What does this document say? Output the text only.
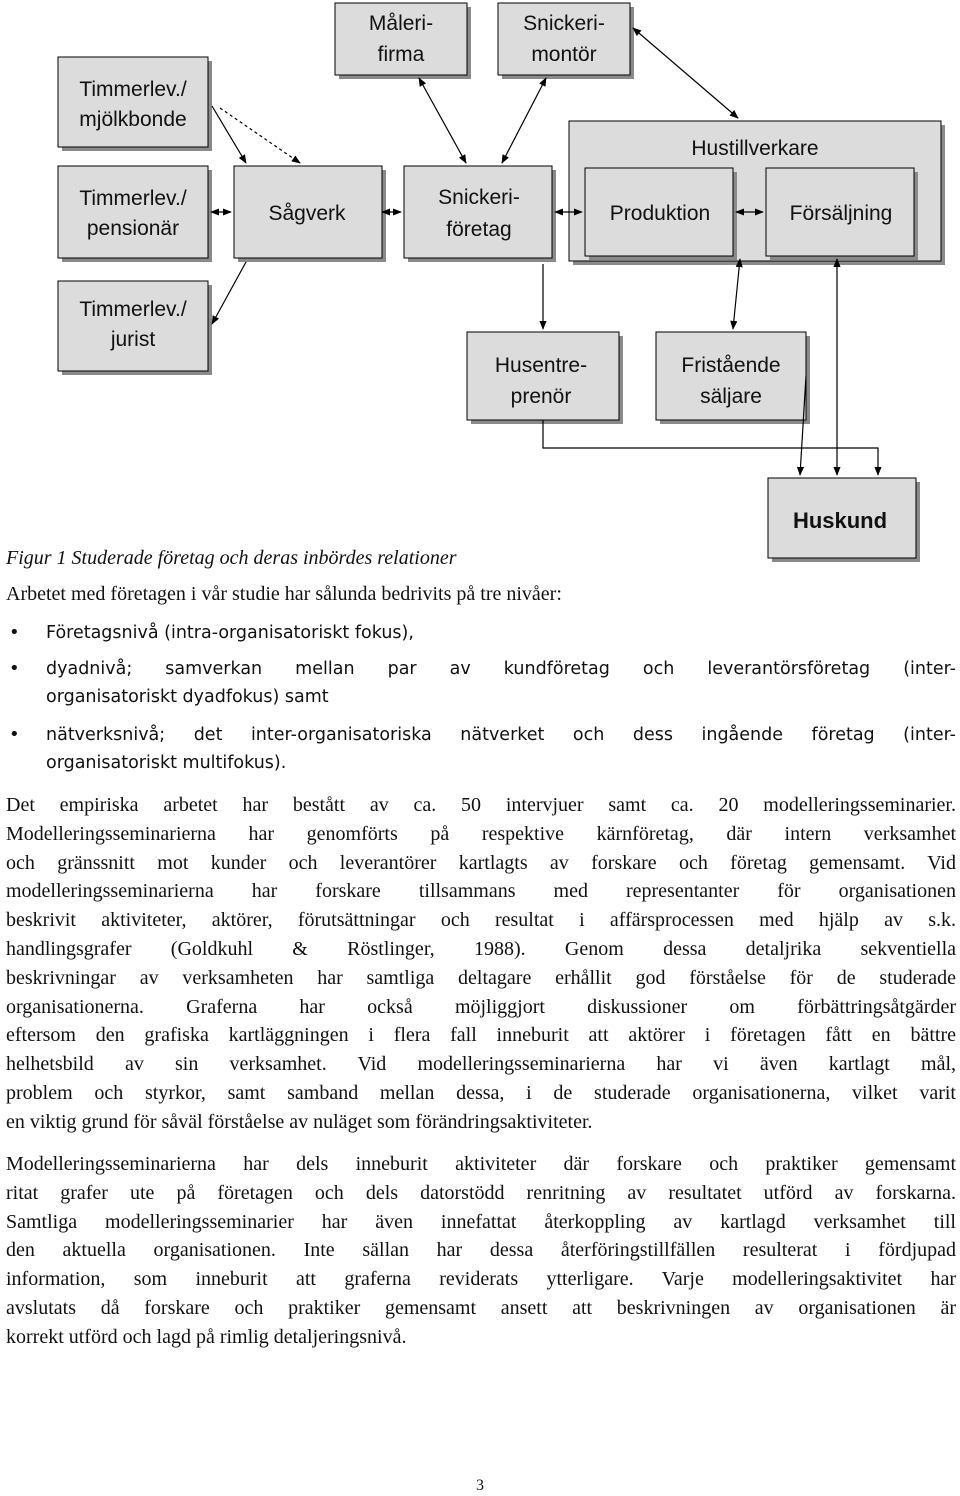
Hustillverkare
Timmerlev./
mjölkbonde
Timmerlev./
pensionär
Timmerlev./
jurist
Sågverk
Måleri-
firma
Snickeri-
montör
Snickeri-
företag
Produktion	Försäljning
Husentre-
prenör
Fristående
säljare
Huskund
Figur 1 Studerade företag och deras inbördes relationer
Arbetet med företagen i vår studie har sålunda bedrivits på tre nivåer:
• Företagsnivå (intra-organisatoriskt fokus),
• dyadnivå; samverkan mellan par av kundföretag och leverantörsföretag (inter-
organisatoriskt dyadfokus) samt
• nätverksnivå; det inter-organisatoriska nätverket och dess ingående företag (inter-
organisatoriskt multifokus).
Det empiriska arbetet har bestått av ca. 50 intervjuer samt ca. 20 modelleringsseminarier.
Modelleringsseminarierna har genomförts på respektive kärnföretag, där intern verksamhet
och gränssnitt mot kunder och leverantörer kartlagts av forskare och företag gemensamt. Vid
modelleringsseminarierna har forskare tillsammans med representanter för organisationen
beskrivit aktiviteter, aktörer, förutsättningar och resultat i affärsprocessen med hjälp av s.k.
handlingsgrafer (Goldkuhl & Röstlinger, 1988). Genom dessa detaljrika sekventiella
beskrivningar av verksamheten har samtliga deltagare erhållit god förståelse för de studerade
organisationerna. Graferna har också möjliggjort diskussioner om förbättringsåtgärder
eftersom den grafiska kartläggningen i flera fall inneburit att aktörer i företagen fått en bättre
helhetsbild av sin verksamhet. Vid modelleringsseminarierna har vi även kartlagt mål,
problem och styrkor, samt samband mellan dessa, i de studerade organisationerna, vilket varit
en viktig grund för såväl förståelse av nuläget som förändringsaktiviteter.
Modelleringsseminarierna har dels inneburit aktiviteter där forskare och praktiker gemensamt
ritat grafer ute på företagen och dels datorstödd renritning av resultatet utförd av forskarna.
Samtliga modelleringsseminarier har även innefattat återkoppling av kartlagd verksamhet till
den aktuella organisationen. Inte sällan har dessa återföringstillfällen resulterat i fördjupad
information, som inneburit att graferna reviderats ytterligare. Varje modelleringsaktivitet har
avslutats då forskare och praktiker gemensamt ansett att beskrivningen av organisationen är
korrekt utförd och lagd på rimlig detaljeringsnivå.
3
